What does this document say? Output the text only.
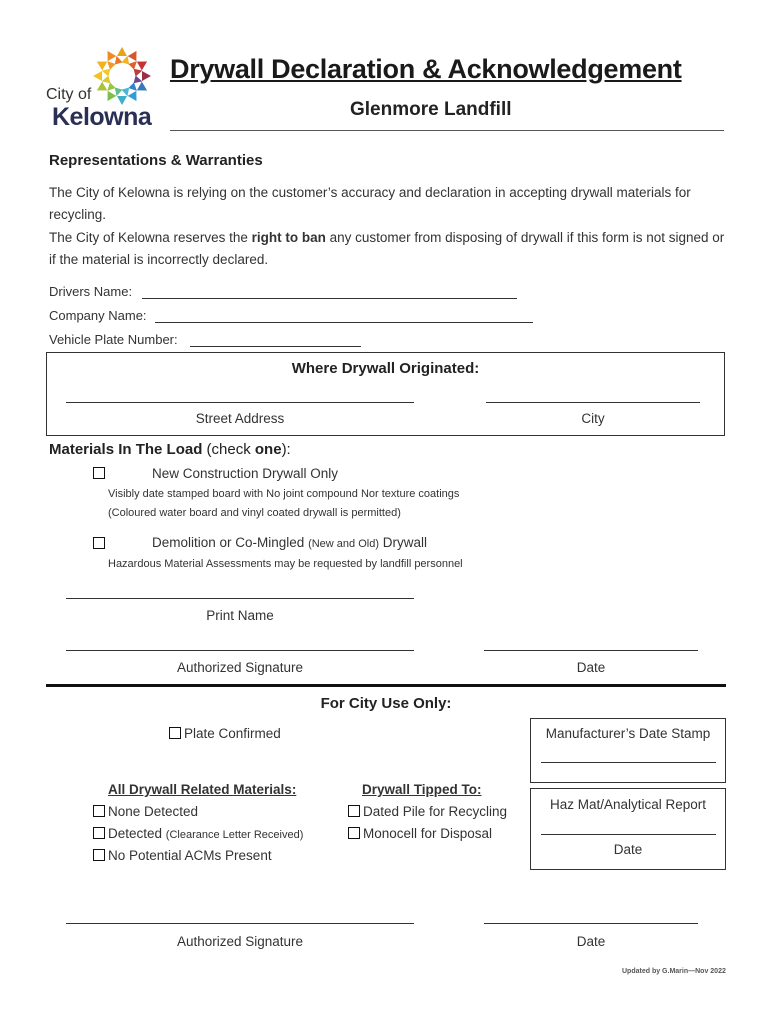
City of
Kelowna
Drywall Declaration & Acknowledgement
Glenmore Landfill
Representations & Warranties
The City of Kelowna is relying on the customer’s accuracy and declaration in accepting drywall materials for recycling.
The City of Kelowna reserves the right to ban any customer from disposing of drywall if this form is not signed or if the material is incorrectly declared.
Drivers Name:
Company Name:
Vehicle Plate Number:
Where Drywall Originated:
Street Address	City
Materials In The Load (check one):
New Construction Drywall Only
Visibly date stamped board with No joint compound Nor texture coatings
(Coloured water board and vinyl coated drywall is permitted)
Demolition or Co-Mingled (New and Old) Drywall
Hazardous Material Assessments may be requested by landfill personnel
Print Name
Authorized Signature	Date
For City Use Only:
Plate Confirmed	Manufacturer’s Date Stamp
All Drywall Related Materials:
None Detected
Detected (Clearance Letter Received)
No Potential ACMs Present
Drywall Tipped To:
Dated Pile for Recycling
Monocell for Disposal
Haz Mat/Analytical Report
Date
Authorized Signature	Date
Updated by G.Marin—Nov 2022
